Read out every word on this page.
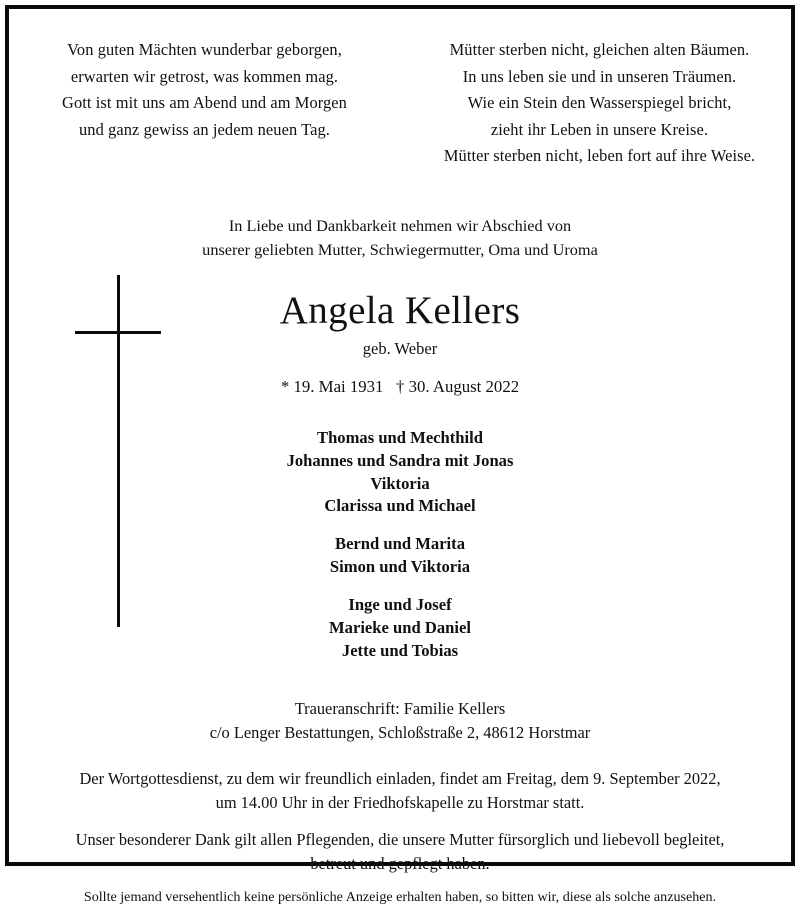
Von guten Mächten wunderbar geborgen,
erwarten wir getrost, was kommen mag.
Gott ist mit uns am Abend und am Morgen
und ganz gewiss an jedem neuen Tag.
Mütter sterben nicht, gleichen alten Bäumen.
In uns leben sie und in unseren Träumen.
Wie ein Stein den Wasserspiegel bricht,
zieht ihr Leben in unsere Kreise.
Mütter sterben nicht, leben fort auf ihre Weise.
In Liebe und Dankbarkeit nehmen wir Abschied von
unserer geliebten Mutter, Schwiegermutter, Oma und Uroma
Angela Kellers
geb. Weber
* 19. Mai 1931   † 30. August 2022
Thomas und Mechthild
Johannes und Sandra mit Jonas
Viktoria
Clarissa und Michael
Bernd und Marita
Simon und Viktoria
Inge und Josef
Marieke und Daniel
Jette und Tobias
Traueranschrift: Familie Kellers
c/o Lenger Bestattungen, Schloßstraße 2, 48612 Horstmar
Der Wortgottesdienst, zu dem wir freundlich einladen, findet am Freitag, dem 9. September 2022,
um 14.00 Uhr in der Friedhofskapelle zu Horstmar statt.
Unser besonderer Dank gilt allen Pflegenden, die unsere Mutter fürsorglich und liebevoll begleitet,
betreut und gepflegt haben.
Sollte jemand versehentlich keine persönliche Anzeige erhalten haben, so bitten wir, diese als solche anzusehen.
